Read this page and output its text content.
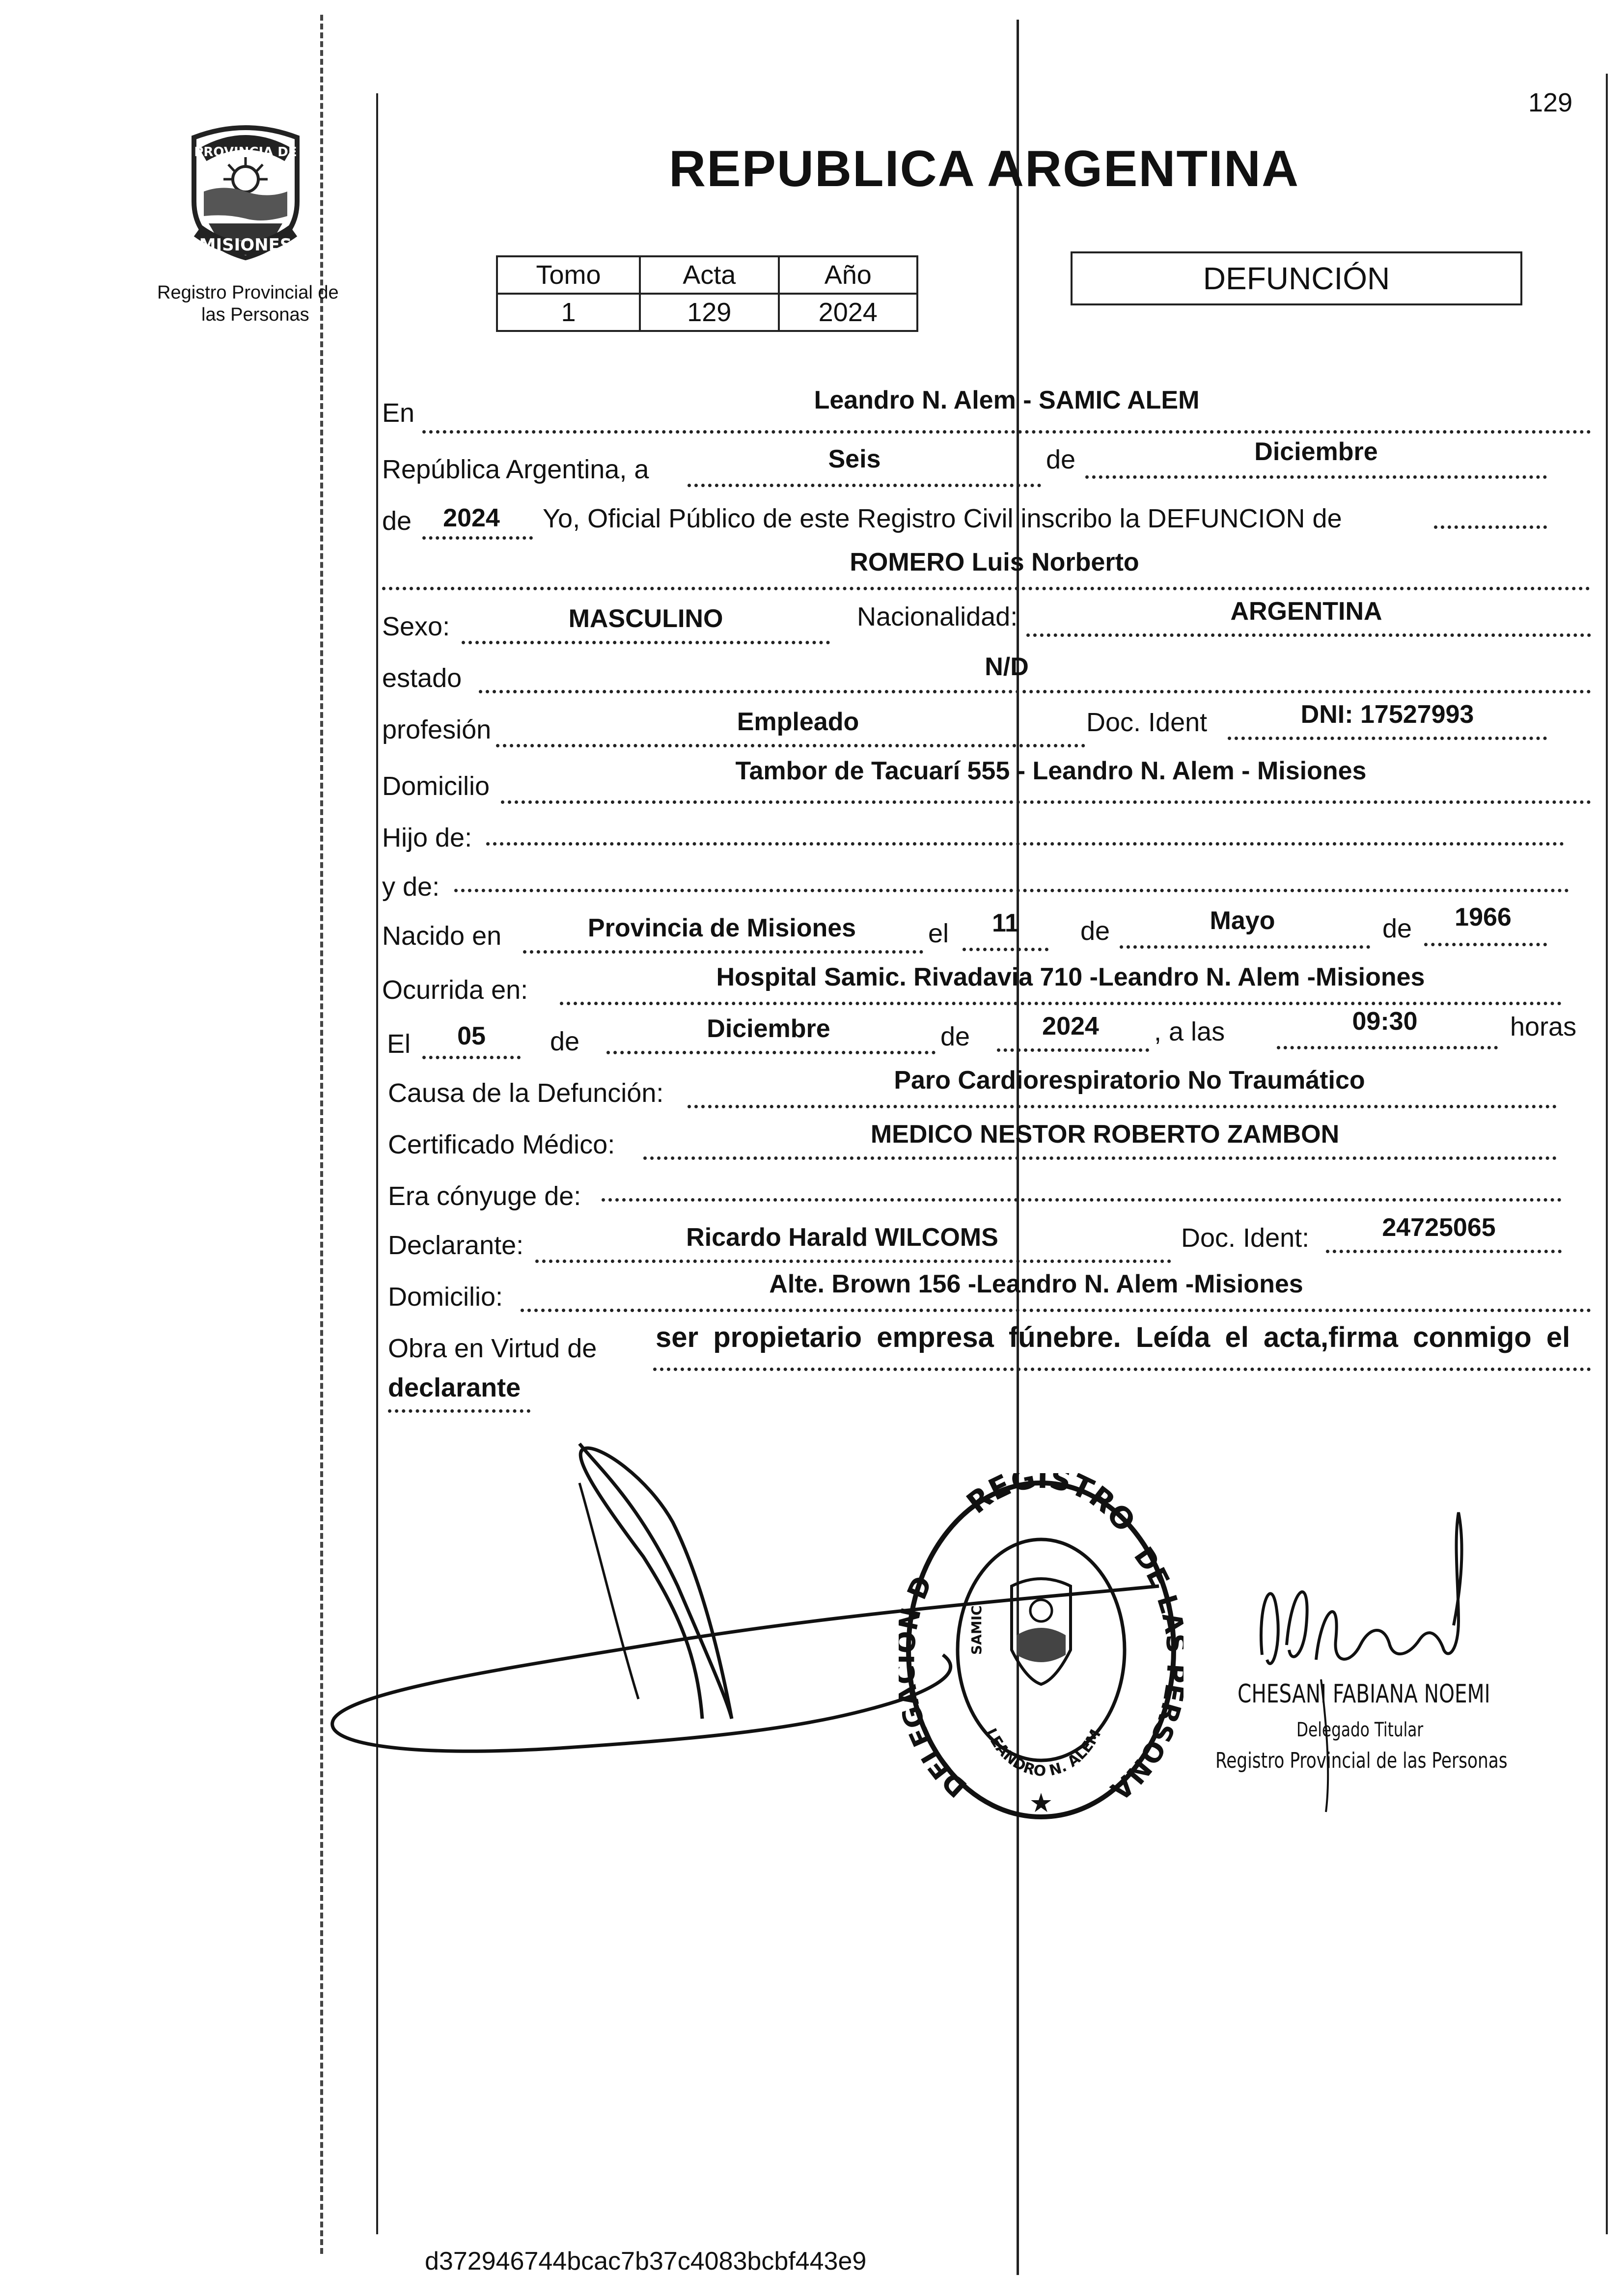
129
PROVINCIA DE
MISIONES
Registro Provincial de
las Personas
REPUBLICA ARGENTINA
Tomo	Acta	Año
1	129	2024
DEFUNCIÓN
En	Leandro N. Alem - SAMIC ALEM
República Argentina, a	Seis	de	Diciembre
de	2024	Yo, Oficial Público de este Registro Civil inscribo la DEFUNCION de
ROMERO Luis Norberto
Sexo:	MASCULINO	Nacionalidad:	ARGENTINA
estado	N/D
profesión	Empleado	Doc. Ident	DNI: 17527993
Domicilio
Tambor de Tacuarí 555 - Leandro N. Alem - Misiones
Hijo de:
y de:
Nacido en	Provincia de Misiones	el	11	de	Mayo	de	1966
Ocurrida en:	Hospital Samic. Rivadavia 710 -Leandro N. Alem -Misiones
El	05	de	Diciembre	de	2024	, a las	09:30	horas
Causa de la Defunción:	Paro Cardiorespiratorio No Traumático
Certificado Médico:	MEDICO NESTOR ROBERTO ZAMBON
Era cónyuge de:
Declarante:	Ricardo Harald WILCOMS	Doc. Ident:	24725065
Domicilio:	Alte. Brown 156 -Leandro N. Alem -Misiones
Obra en Virtud de ser propietario empresa fúnebre. Leída el acta,firma conmigo el
declarante
REGISTRO
DELEG D
DE L RSONA
LEANDRO N. ALEM
SAMIC
★
CHESANI FABIANA NOEMI
Delegado Titular
Registro Provincial de las Personas
d372946744bcac7b37c4083bcbf443e9
